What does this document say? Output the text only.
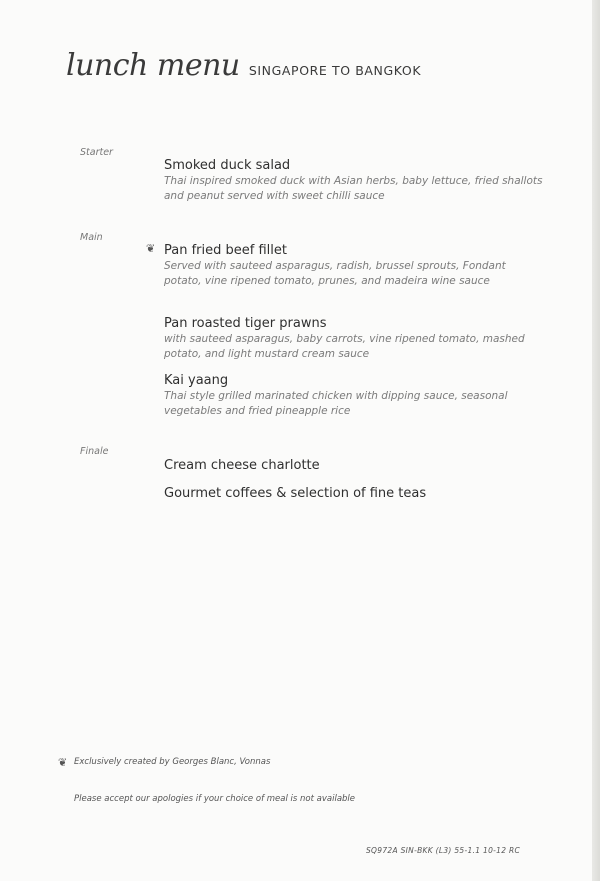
lunch menu SINGAPORE TO BANGKOK
Starter
Smoked duck salad
Thai inspired smoked duck with Asian herbs, baby lettuce, fried shallots and peanut served with sweet chilli sauce
Main
❦ Pan fried beef fillet
Served with sauteed asparagus, radish, brussel sprouts, Fondant potato, vine ripened tomato, prunes, and madeira wine sauce
Pan roasted tiger prawns
with sauteed asparagus, baby carrots, vine ripened tomato, mashed potato, and light mustard cream sauce
Kai yaang
Thai style grilled marinated chicken with dipping sauce, seasonal vegetables and fried pineapple rice
Finale
Cream cheese charlotte
Gourmet coffees & selection of fine teas
❦ Exclusively created by Georges Blanc, Vonnas
Please accept our apologies if your choice of meal is not available
SQ972A SIN-BKK (L3) 55-1.1 10-12 RC
